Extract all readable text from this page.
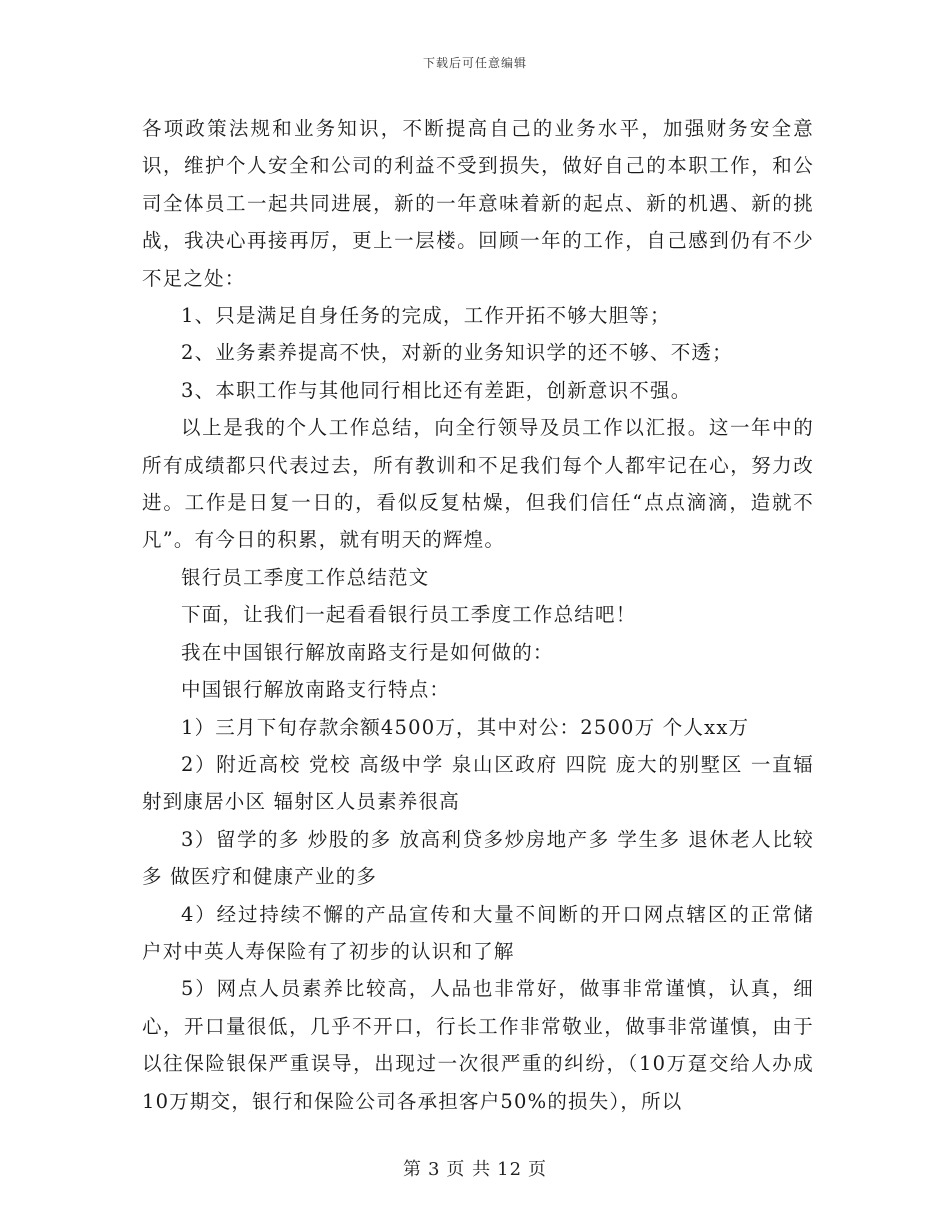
下载后可任意编辑

各项政策法规和业务知识，不断提高自己的业务水平，加强财务安全意识，维护个人安全和公司的利益不受到损失，做好自己的本职工作，和公司全体员工一起共同进展，新的一年意味着新的起点、新的机遇、新的挑战，我决心再接再厉，更上一层楼。回顾一年的工作，自己感到仍有不少不足之处：

1、只是满足自身任务的完成，工作开拓不够大胆等；

2、业务素养提高不快，对新的业务知识学的还不够、不透；

3、本职工作与其他同行相比还有差距，创新意识不强。

以上是我的个人工作总结，向全行领导及员工作以汇报。这一年中的所有成绩都只代表过去，所有教训和不足我们每个人都牢记在心，努力改进。工作是日复一日的，看似反复枯燥，但我们信任“点点滴滴，造就不凡”。有今日的积累，就有明天的辉煌。

银行员工季度工作总结范文

下面，让我们一起看看银行员工季度工作总结吧！

我在中国银行解放南路支行是如何做的：

中国银行解放南路支行特点：

1）三月下旬存款余额4500万，其中对公：2500万 个人xx万

2）附近高校 党校 高级中学 泉山区政府 四院 庞大的别墅区 一直辐射到康居小区 辐射区人员素养很高

3）留学的多 炒股的多 放高利贷多炒房地产多 学生多 退休老人比较多 做医疗和健康产业的多

4）经过持续不懈的产品宣传和大量不间断的开口网点辖区的正常储户对中英人寿保险有了初步的认识和了解

5）网点人员素养比较高，人品也非常好，做事非常谨慎，认真，细心，开口量很低，几乎不开口，行长工作非常敬业，做事非常谨慎，由于以往保险银保严重误导，出现过一次很严重的纠纷，（10万趸交给人办成10万期交，银行和保险公司各承担客户50%的损失），所以

第 3 页 共 12 页
